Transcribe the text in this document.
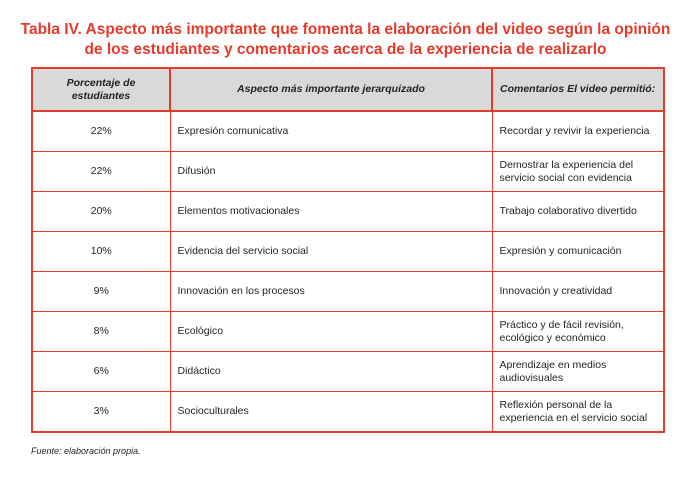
Tabla IV. Aspecto más importante que fomenta la elaboración del video según la opinión de los estudiantes y comentarios acerca de la experiencia de realizarlo
Porcentaje de estudiantes	Aspecto más importante jerarquizado	Comentarios El video permitió:
22%	Expresión comunicativa	Recordar y revivir la experiencia
22%	Difusión	Demostrar la experiencia del servicio social con evidencia
20%	Elementos motivacionales	Trabajo colaborativo divertido
10%	Evidencia del servicio social	Expresión y comunicación
9%	Innovación en los procesos	Innovación y creatividad
8%	Ecológico	Práctico y de fácil revisión, ecológico y económico
6%	Didáctico	Aprendizaje en medios audiovisuales
3%	Socioculturales	Reflexión personal de la experiencia en el servicio social
Fuente: elaboración propia.
